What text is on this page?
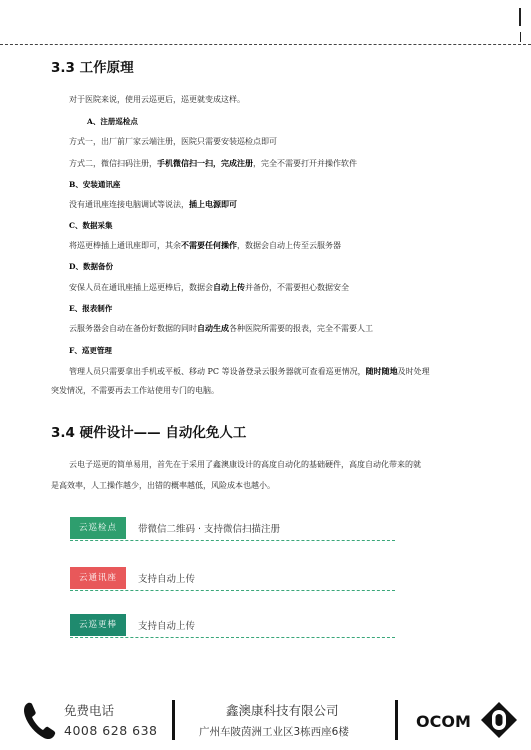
3.3 工作原理
对于医院来说，使用云巡更后，巡更就变成这样。
A、注册巡检点
方式一，出厂前厂家云端注册，医院只需要安装巡检点即可
方式二，微信扫码注册，手机微信扫一扫，完成注册，完全不需要打开并操作软件
B、安装通讯座
没有通讯座连接电脑调试等说法，插上电源即可
C、数据采集
将巡更棒插上通讯座即可，其余不需要任何操作，数据会自动上传至云服务器
D、数据备份
安保人员在通讯座插上巡更棒后，数据会自动上传并备份，不需要担心数据安全
E、报表制作
云服务器会自动在备份好数据的同时自动生成各种医院所需要的报表，完全不需要人工
F、巡更管理
管理人员只需要拿出手机或平板、移动 PC 等设备登录云服务器就可查看巡更情况，随时随地及时处理
突发情况，不需要再去工作站使用专门的电脑。
3.4 硬件设计—— 自动化免人工
云电子巡更的简单易用，首先在于采用了鑫澳康设计的高度自动化的基础硬件，高度自动化带来的就
是高效率，人工操作越少，出错的概率越低，风险成本也越小。
云巡检点	带微信二维码 · 支持微信扫描注册
云通讯座	支持自动上传
云巡更棒	支持自动上传
免费电话
4008 628 638
鑫澳康科技有限公司
广州车陂茵洲工业区3栋西座6楼
OCOM
